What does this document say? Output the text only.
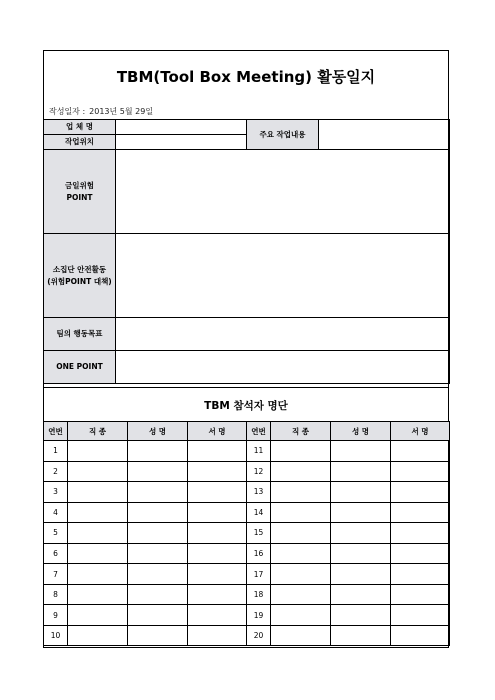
TBM(Tool Box Meeting) 활동일지
작성일자 : 2013년 5월 29일
업 체 명		주요 작업내용	
작업위치			

금일위험
POINT			

소집단 안전활동
(위험POINT 대책)			

팀의 행동목표			
ONE POINT			
TBM 참석자 명단
연번	직 종	성 명	서 명	연번	직 종	성 명	서 명
1				11			
2				12			
3				13			
4				14			
5				15			
6				16			
7				17			
8				18			
9				19			
10				20			
